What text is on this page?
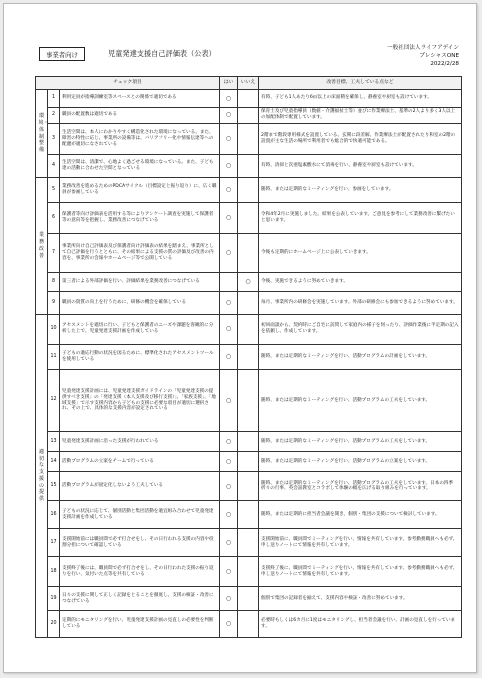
事業者向け	児童発達支援自己評価表（公表）
一般社団法人ライフアデイン
プレシャスONE
2022/2/28
チェック項目			はい	いいえ	改善目標、工夫している点など
環境・体制整備	1	利用定員が指導訓練室等スペースとの関係で適切である	○		有時、子ども1人あたり6㎡以上の床面積を確保し、静養室や厨室も設けています。
	2	職員の配置数は適切である	○		保育士及び児童指導員（数値・介護福祉士等）並びに作業療法士、基準の2人より多く3人以上の加配体制で配置しています。
	3	生活空間は、本人にわかりやすく構造化された環境になっている。また、障害の特性に応じ、事業所の設備等は、バリアフリー化や情報伝達等への配慮が適切になされている	○		2階まで階段専用様式を設置している。玄関に段差解、作業療法士が配置されたり和室の2階の設置が主な生活の場所で利用者でも総合的で快適可能である。
	4	生活空間は、清潔で、心地よく過ごせる環境になっている。また、子ども達の活動に合わせた空間となっている	○		有時、清掃と次亜塩素酸水にて消毒を行い、静養室や厨室も設けています。
業務改善	5	業務改善を進めるためのPDCAサイクル（目標設定と振り返り）に、広く職員が参画している	○		随時、または定期的なミーティングを行い、参画をしています。
	6	保護者等向け評価表を活用する等によりアンケート調査を実施して保護者等の意向等を把握し、業務改善につなげている	○		令和4年2月に実施しました。結果を公表しています。ご意見を参考にして業務改善に繋げたいと思います。
	7	事業所向け自己評価表及び保護者向け評価表の結果を踏まえ、事業所として自己評価を行うとともに、その結果による支援の質の評価及び改善の内容を、事業所の会報やホームページ等で公開している	○		今後も定期的にホームページ上に公表していきます。
	8	第三者による外部評価を行い、評価結果を業務改善につなげている		○	今後、実施できるように努めていきます。
	9	職員の資質の向上を行うために、研修の機会を確保している	○		毎月、事業所内の研修会を実施しています。外部の研修会にも参加できるように努めています。
適切な支援の提供	10	アセスメントを適切に行い、子どもと保護者のニーズや課題を客観的に分析した上で、児童発達支援計画を作成している	○		初回面談から、契約時にご自宅に訪問して家庭内の様子を伺ったり、評価作業後に半定期の記入を依頼し、作成しています。
	11	子どもの適応行動の状況を図るために、標準化されたアセスメントツールを使用している	○		随時、または定期的なミーティングを行い、活動プログラムの計画をしています。
	12	児童発達支援計画には、児童発達支援ガイドラインの「児童発達支援の提供すべき支援」の「発達支援（本人支援及び移行支援）」、「家族支援」、「地域支援」で示す支援内容から子どもの支援に必要な項目が適切に選択され、その上で、具体的な支援内容が設定されている	○		随時、または定期的なミーティングを行い、活動プログラムの工夫をしています。
	13	児童発達支援計画に沿った支援が行われている	○		随時、または定期的なミーティングを行い、活動プログラムの工夫をしています。
	14	活動プログラムの立案をチームで行っている	○		随時、または定期的なミーティングを行い、活動プログラムの立案をしています。
	15	活動プログラムが固定化しないよう工夫している	○		随時、または定期的なミーティングを行い、活動プログラムの工夫をしています。日本の四季折々の行事、英会話教室とコラボして体験の幅を広げる取り組みを行っています。
	16	子どもの状況に応じて、個別活動と集団活動を適宜組み合わせて児童発達支援計画を作成している	○		随時、または定期的に担当者会議を開き、個別・集団の支援について検討しています。
	17	支援開始前には職員間で必ず打合せをし、その日行われる支援の内容や役割分担について確認している	○		支援開始前に、職員間でミーティングを行い、情報を共有しています。参考勤務職員へも必ず、申し送りノートにて情報を共有しています。
	18	支援終了後には、職員間で必ず打合せをし、その日行われた支援の振り返りを行い、気付いた点等を共有している	○		支援終了後に、職員間でミーティングを行い、情報を共有しています。参考勤務職員へも必ず、申し送りノートにて情報を共有しています。
	19	日々の支援に関して正しく記録をとることを徹底し、支援の検証・改善につなげている	○		個別で集団の記録者を揃えて、支援内容や検証・改善に努めています。
	20	定期的にモニタリングを行い、児童発達支援計画の見直しの必要性を判断している	○		必要時もしくは6カ月に1度はモニタリングし、担当者会議を行い、計画の見直しを行っています。
